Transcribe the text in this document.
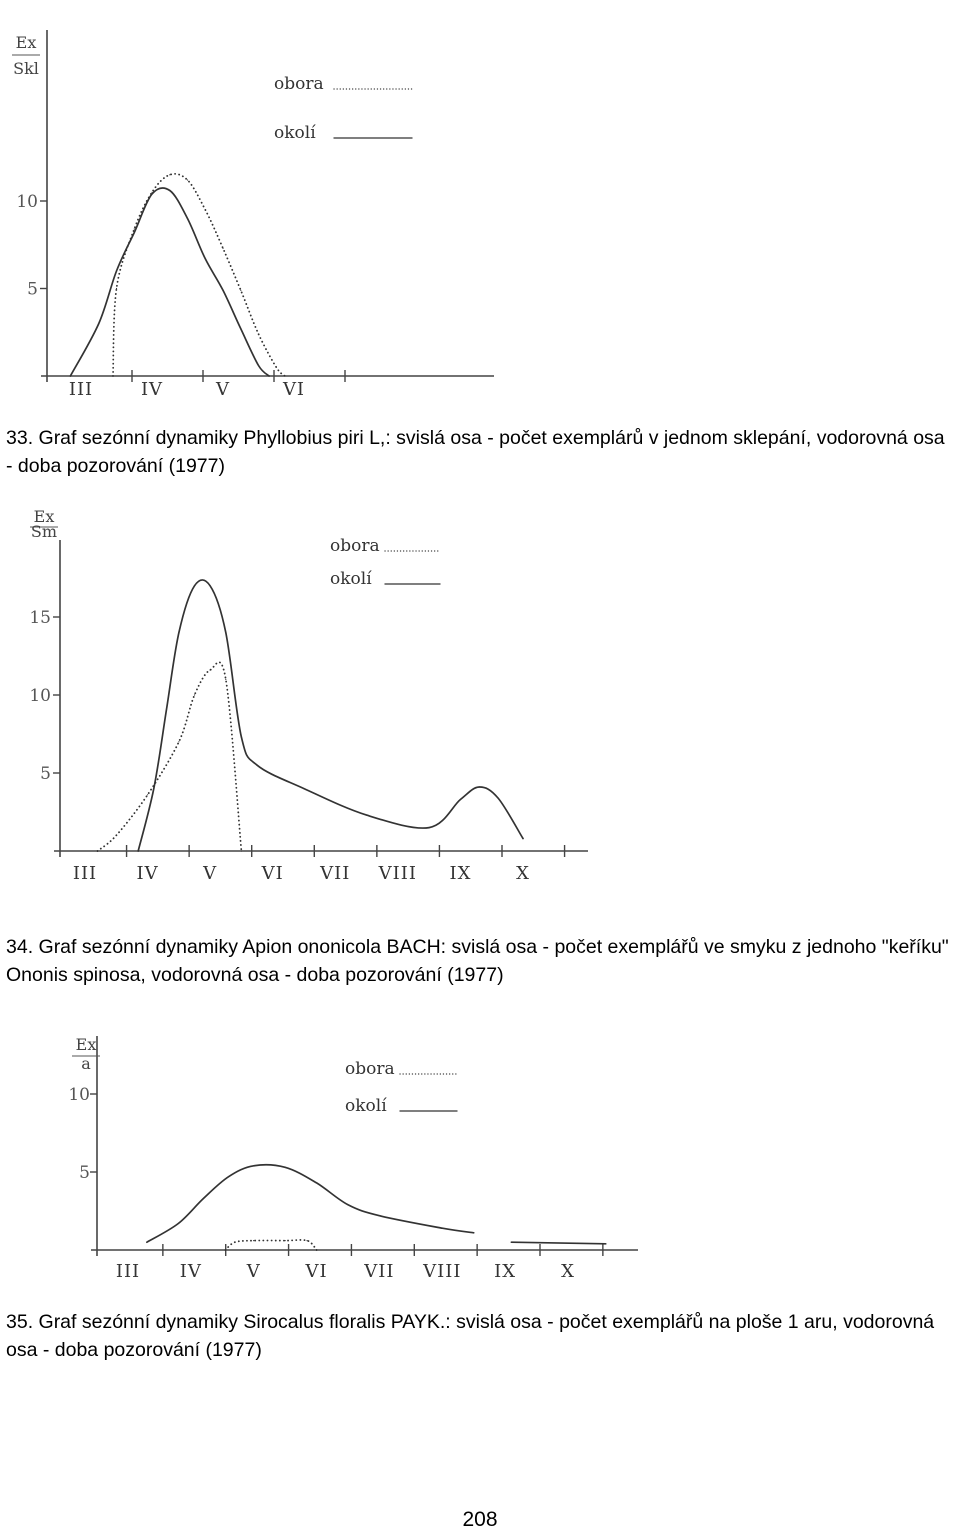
Ex
Skl
5
10
III	IV	V	VI
obora
okolí
33. Graf sezónní dynamiky Phyllobius piri L,: svislá osa - počet exemplárů v jednom sklepání, vodorovná osa - doba pozorování (1977)
Ex
Sm
5
10
15
III IV V VI VII VIII IX X
obora
okolí
34. Graf sezónní dynamiky Apion ononicola BACH: svislá osa - počet exemplářů ve smyku z jednoho "keříku" Ononis spinosa, vodorovná osa - doba pozorování (1977)
Ex
a
5
10
III IV V VI VII VIII IX X
obora
okolí
35. Graf sezónní dynamiky Sirocalus floralis PAYK.: svislá osa - počet exemplářů na ploše 1 aru, vodorovná osa - doba pozorování (1977)
208
